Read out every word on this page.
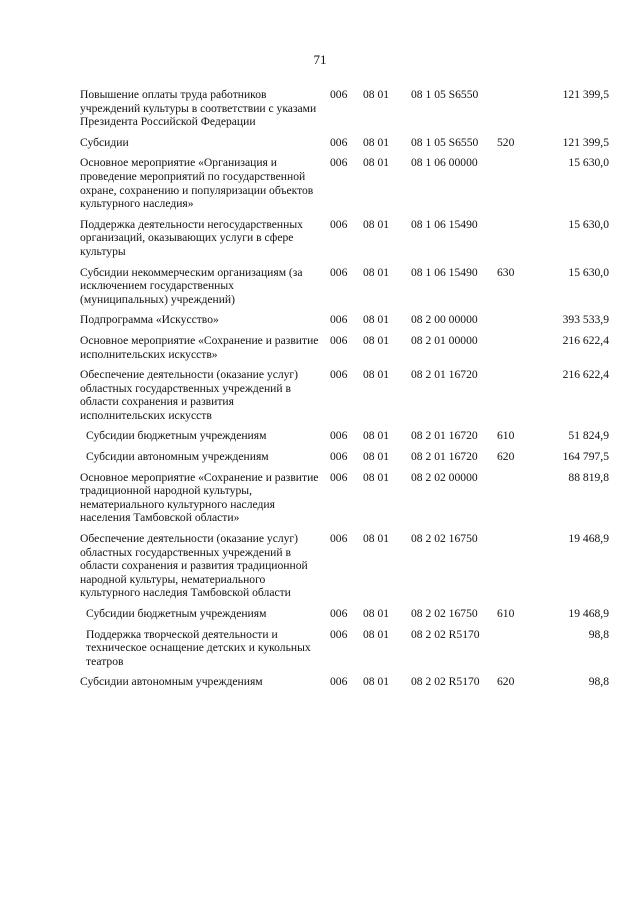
71
Повышение оплаты труда работников учреждений культуры в соответствии с указами Президента Российской Федерации
006 08 01 08 1 05 S6550	121 399,5
Субсидии	006 08 01 08 1 05 S6550 520	121 399,5
Основное мероприятие «Организация и проведение мероприятий по государственной охране, сохранению и популяризации объектов культурного наследия»
006 08 01 08 1 06 00000	15 630,0
Поддержка деятельности негосударственных организаций, оказывающих услуги в сфере культуры
006 08 01 08 1 06 15490	15 630,0
Субсидии некоммерческим организациям (за исключением государственных (муниципальных) учреждений)
006 08 01 08 1 06 15490 630	15 630,0
Подпрограмма «Искусство»	006 08 01 08 2 00 00000	393 533,9
Основное мероприятие «Сохранение и развитие исполнительских искусств»
006 08 01 08 2 01 00000	216 622,4
Обеспечение деятельности (оказание услуг) областных государственных учреждений в области сохранения и развития исполнительских искусств
006 08 01 08 2 01 16720	216 622,4
Субсидии бюджетным учреждениям	006 08 01 08 2 01 16720 610	51 824,9
Субсидии автономным учреждениям	006 08 01 08 2 01 16720 620	164 797,5
Основное мероприятие «Сохранение и развитие традиционной народной культуры, нематериального культурного наследия населения Тамбовской области»
006 08 01 08 2 02 00000	88 819,8
Обеспечение деятельности (оказание услуг) областных государственных учреждений в области сохранения и развития традиционной народной культуры, нематериального культурного наследия Тамбовской области
006 08 01 08 2 02 16750	19 468,9
Субсидии бюджетным учреждениям	006 08 01 08 2 02 16750 610	19 468,9
Поддержка творческой деятельности и техническое оснащение детских и кукольных театров
006 08 01 08 2 02 R5170	98,8
Субсидии автономным учреждениям	006 08 01 08 2 02 R5170 620	98,8
